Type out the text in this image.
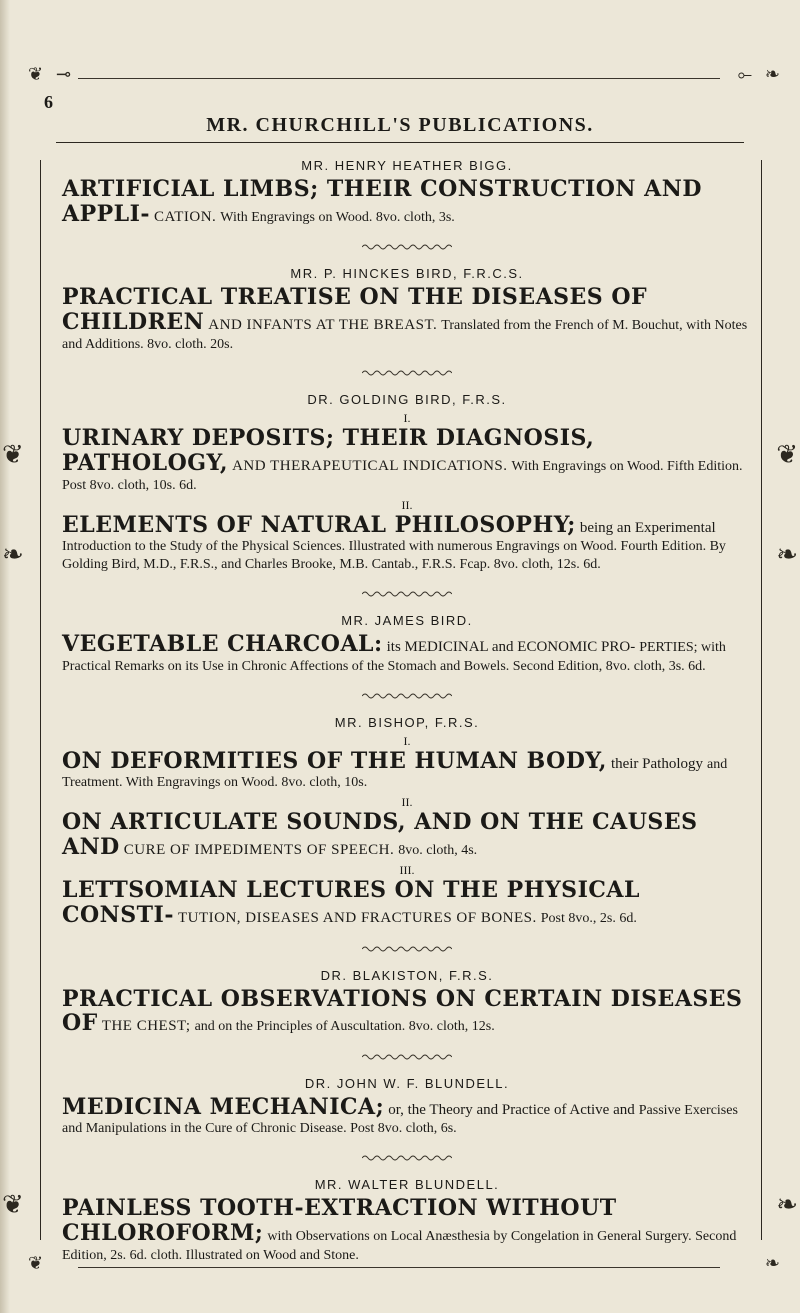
❦ ⊸	⟜ ❧
6
MR. CHURCHILL'S PUBLICATIONS.
❦
❧
❦
❧
❦	❧
MR. HENRY HEATHER BIGG.

ARTIFICIAL LIMBS; THEIR CONSTRUCTION AND APPLI- CATION. With Engravings on Wood. 8vo. cloth, 3s.

MR. P. HINCKES BIRD, F.R.C.S.

PRACTICAL TREATISE ON THE DISEASES OF CHILDREN AND INFANTS AT THE BREAST. Translated from the French of M. Bouchut, with Notes and Additions. 8vo. cloth. 20s.

DR. GOLDING BIRD, F.R.S.
I.

URINARY DEPOSITS; THEIR DIAGNOSIS, PATHOLOGY, AND THERAPEUTICAL INDICATIONS. With Engravings on Wood. Fifth Edition. Post 8vo. cloth, 10s. 6d.

II.

ELEMENTS OF NATURAL PHILOSOPHY; being an Experimental Introduction to the Study of the Physical Sciences. Illustrated with numerous Engravings on Wood. Fourth Edition. By Golding Bird, M.D., F.R.S., and Charles Brooke, M.B. Cantab., F.R.S. Fcap. 8vo. cloth, 12s. 6d.

MR. JAMES BIRD.

VEGETABLE CHARCOAL: its MEDICINAL and ECONOMIC PRO- PERTIES; with Practical Remarks on its Use in Chronic Affections of the Stomach and Bowels. Second Edition, 8vo. cloth, 3s. 6d.

MR. BISHOP, F.R.S.
I.

ON DEFORMITIES OF THE HUMAN BODY, their Pathology and Treatment. With Engravings on Wood. 8vo. cloth, 10s.

II.

ON ARTICULATE SOUNDS, AND ON THE CAUSES AND CURE OF IMPEDIMENTS OF SPEECH. 8vo. cloth, 4s.

III.

LETTSOMIAN LECTURES ON THE PHYSICAL CONSTI- TUTION, DISEASES AND FRACTURES OF BONES. Post 8vo., 2s. 6d.

DR. BLAKISTON, F.R.S.

PRACTICAL OBSERVATIONS ON CERTAIN DISEASES OF THE CHEST; and on the Principles of Auscultation. 8vo. cloth, 12s.

DR. JOHN W. F. BLUNDELL.

MEDICINA MECHANICA; or, the Theory and Practice of Active and Passive Exercises and Manipulations in the Cure of Chronic Disease. Post 8vo. cloth, 6s.

MR. WALTER BLUNDELL.

PAINLESS TOOTH-EXTRACTION WITHOUT CHLOROFORM; with Observations on Local Anæsthesia by Congelation in General Surgery. Second Edition, 2s. 6d. cloth. Illustrated on Wood and Stone.

❦	❧
